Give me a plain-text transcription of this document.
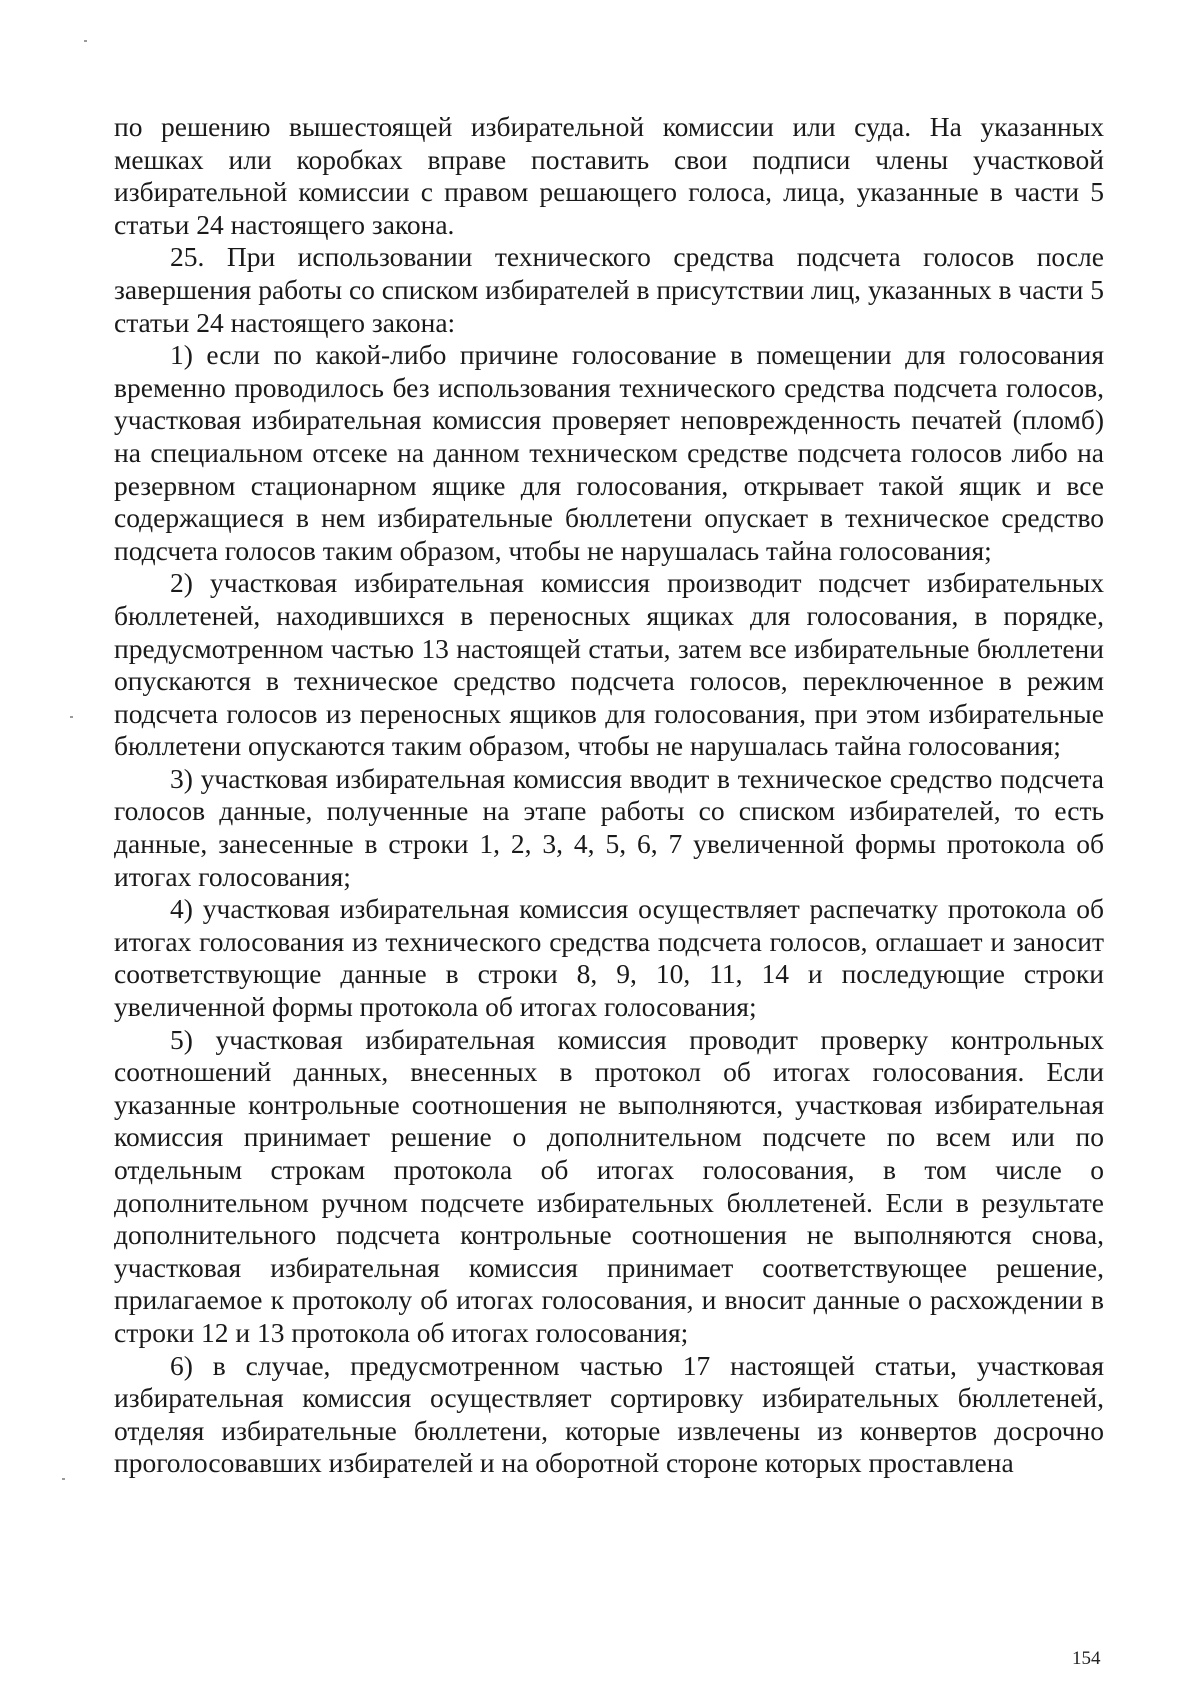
по решению вышестоящей избирательной комиссии или суда. На указанных мешках или коробках вправе поставить свои подписи члены участковой избирательной комиссии с правом решающего голоса, лица, указанные в части 5 статьи 24 настоящего закона.

25. При использовании технического средства подсчета голосов после завершения работы со списком избирателей в присутствии лиц, указанных в части 5 статьи 24 настоящего закона:

1) если по какой-либо причине голосование в помещении для голосования временно проводилось без использования технического средства подсчета голосов, участковая избирательная комиссия проверяет неповрежденность печатей (пломб) на специальном отсеке на данном техническом средстве подсчета голосов либо на резервном стационарном ящике для голосования, открывает такой ящик и все содержащиеся в нем избирательные бюллетени опускает в техническое средство подсчета голосов таким образом, чтобы не нарушалась тайна голосования;

2) участковая избирательная комиссия производит подсчет избирательных бюллетеней, находившихся в переносных ящиках для голосования, в порядке, предусмотренном частью 13 настоящей статьи, затем все избирательные бюллетени опускаются в техническое средство подсчета голосов, переключенное в режим подсчета голосов из переносных ящиков для голосования, при этом избирательные бюллетени опускаются таким образом, чтобы не нарушалась тайна голосования;

3) участковая избирательная комиссия вводит в техническое средство подсчета голосов данные, полученные на этапе работы со списком избирателей, то есть данные, занесенные в строки 1, 2, 3, 4, 5, 6, 7 увеличенной формы протокола об итогах голосования;

4) участковая избирательная комиссия осуществляет распечатку протокола об итогах голосования из технического средства подсчета голосов, оглашает и заносит соответствующие данные в строки 8, 9, 10, 11, 14 и последующие строки увеличенной формы протокола об итогах голосования;

5) участковая избирательная комиссия проводит проверку контрольных соотношений данных, внесенных в протокол об итогах голосования. Если указанные контрольные соотношения не выполняются, участковая избирательная комиссия принимает решение о дополнительном подсчете по всем или по отдельным строкам протокола об итогах голосования, в том числе о дополнительном ручном подсчете избирательных бюллетеней. Если в результате дополнительного подсчета контрольные соотношения не выполняются снова, участковая избирательная комиссия принимает соответствующее решение, прилагаемое к протоколу об итогах голосования, и вносит данные о расхождении в строки 12 и 13 протокола об итогах голосования;

6) в случае, предусмотренном частью 17 настоящей статьи, участковая избирательная комиссия осуществляет сортировку избирательных бюллетеней, отделяя избирательные бюллетени, которые извлечены из конвертов досрочно проголосовавших избирателей и на оборотной стороне которых проставлена

154
